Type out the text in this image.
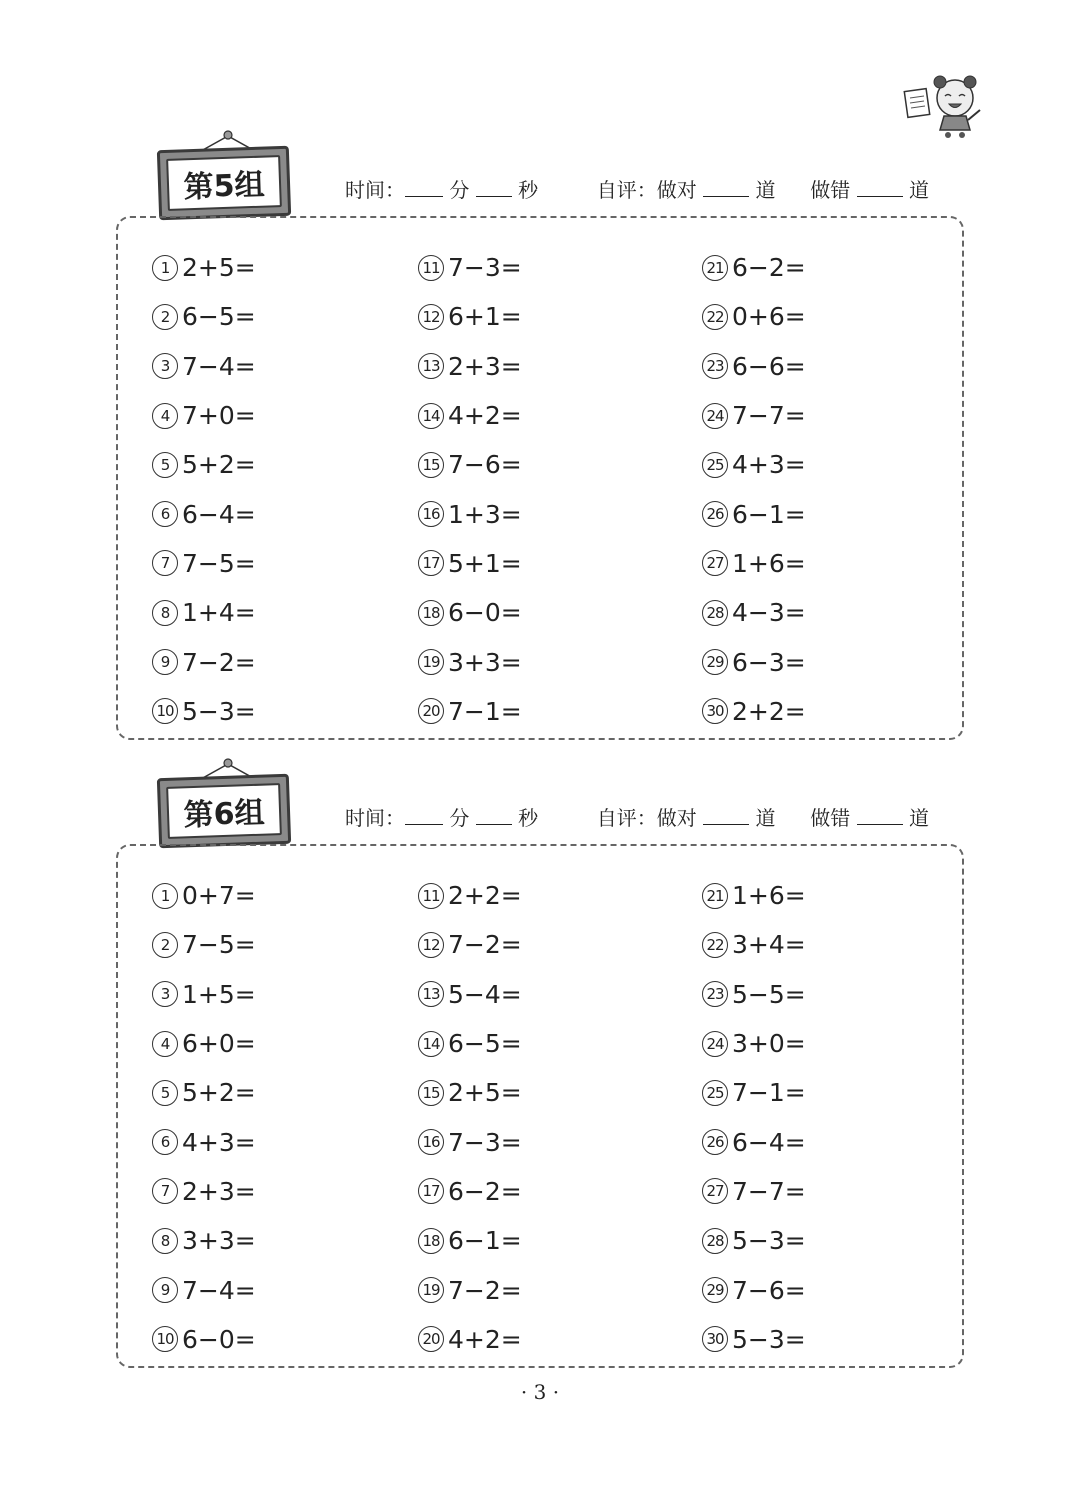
第5组	时间： 分 秒	自评：做对	道 做错	道
1 2+5=
2 6−5=
3 7−4=
4 7+0=
5 5+2=
6 6−4=
7 7−5=
8 1+4=
9 7−2=
10 5−3=
11 7−3=
12 6+1=
13 2+3=
14 4+2=
15 7−6=
16 1+3=
17 5+1=
18 6−0=
19 3+3=
20 7−1=
21 6−2=
22 0+6=
23 6−6=
24 7−7=
25 4+3=
26 6−1=
27 1+6=
28 4−3=
29 6−3=
30 2+2=
第6组	时间： 分 秒	自评：做对	道 做错	道
1 0+7=
2 7−5=
3 1+5=
4 6+0=
5 5+2=
6 4+3=
7 2+3=
8 3+3=
9 7−4=
10 6−0=
11 2+2=
12 7−2=
13 5−4=
14 6−5=
15 2+5=
16 7−3=
17 6−2=
18 6−1=
19 7−2=
20 4+2=
21 1+6=
22 3+4=
23 5−5=
24 3+0=
25 7−1=
26 6−4=
27 7−7=
28 5−3=
29 7−6=
30 5−3=
· 3 ·
